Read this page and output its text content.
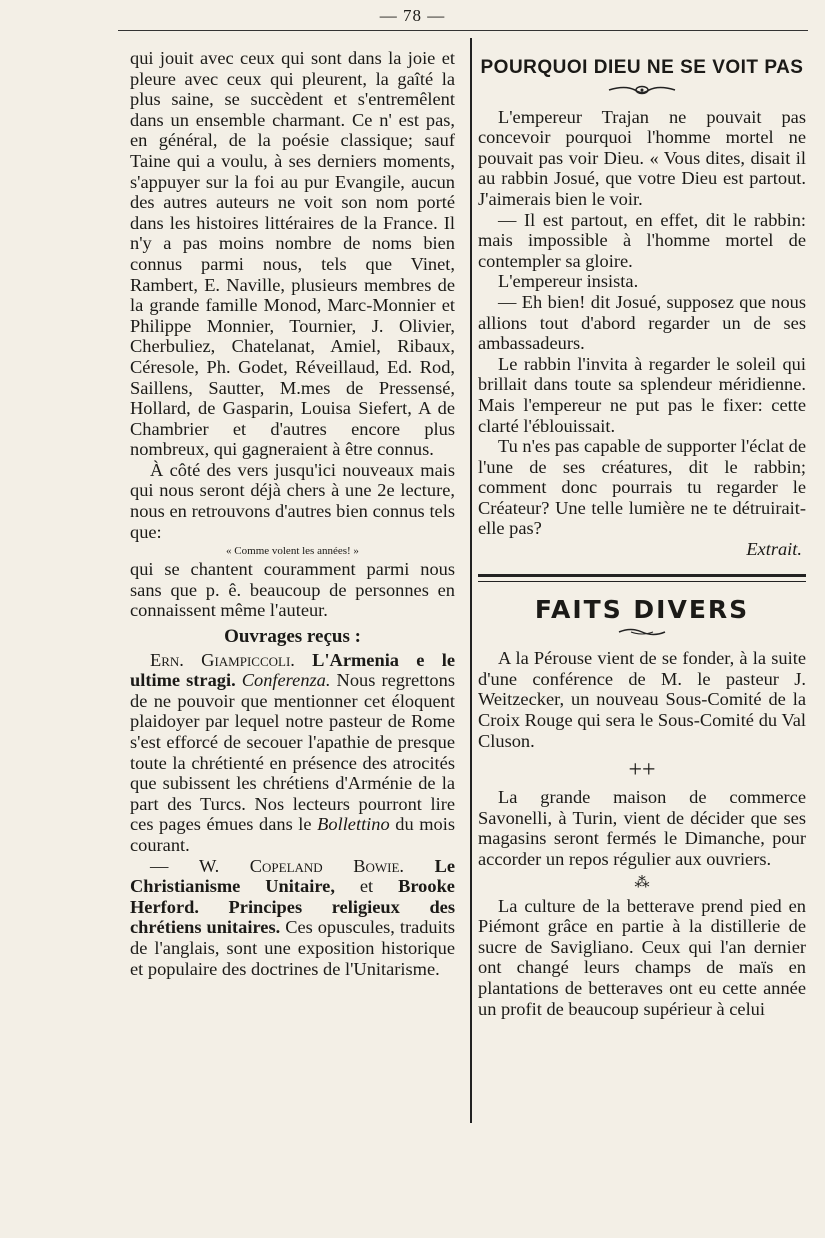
— 78 —

qui jouit avec ceux qui sont dans la joie et pleure avec ceux qui pleurent, la gaîté la plus saine, se succèdent et s'entremêlent dans un ensemble charmant. Ce n' est pas, en général, de la poésie classique; sauf Taine qui a voulu, à ses derniers moments, s'appuyer sur la foi au pur Evangile, aucun des autres auteurs ne voit son nom porté dans les histoires littéraires de la France. Il n'y a pas moins nombre de noms bien connus parmi nous, tels que Vinet, Rambert, E. Naville, plusieurs membres de la grande famille Monod, Marc-Monnier et Philippe Monnier, Tournier, J. Olivier, Cherbuliez, Chatelanat, Amiel, Ribaux, Céresole, Ph. Godet, Réveillaud, Ed. Rod, Saillens, Sautter, M.mes de Pressensé, Hollard, de Gasparin, Louisa Siefert, A de Chambrier et d'autres encore plus nombreux, qui gagneraient à être connus.

À côté des vers jusqu'ici nouveaux mais qui nous seront déjà chers à une 2e lecture, nous en retrouvons d'autres bien connus tels que:

« Comme volent les années! »

qui se chantent couramment parmi nous sans que p. ê. beaucoup de personnes en connaissent même l'auteur.

Ouvrages reçus :

Ern. Giampiccoli. L'Armenia e le ultime stragi. Conferenza. Nous regrettons de ne pouvoir que mentionner cet éloquent plaidoyer par lequel notre pasteur de Rome s'est efforcé de secouer l'apathie de presque toute la chrétienté en présence des atrocités que subissent les chrétiens d'Arménie de la part des Turcs. Nos lecteurs pourront lire ces pages émues dans le Bollettino du mois courant.

— W. Copeland Bowie. Le Christianisme Unitaire, et Brooke Herford. Principes religieux des chrétiens unitaires. Ces opuscules, traduits de l'anglais, sont une exposition historique et populaire des doctrines de l'Unitarisme.

POURQUOI DIEU NE SE VOIT PAS

L'empereur Trajan ne pouvait pas concevoir pourquoi l'homme mortel ne pouvait pas voir Dieu. « Vous dites, disait il au rabbin Josué, que votre Dieu est partout. J'aimerais bien le voir.

— Il est partout, en effet, dit le rabbin: mais impossible à l'homme mortel de contempler sa gloire.

L'empereur insista.

— Eh bien! dit Josué, supposez que nous allions tout d'abord regarder un de ses ambassadeurs.

Le rabbin l'invita à regarder le soleil qui brillait dans toute sa splendeur méridienne. Mais l'empereur ne put pas le fixer: cette clarté l'éblouissait.

Tu n'es pas capable de supporter l'éclat de l'une de ses créatures, dit le rabbin; comment donc pourrais tu regarder le Créateur? Une telle lumière ne te détruirait-elle pas?

Extrait.
FAITS DIVERS

A la Pérouse vient de se fonder, à la suite d'une conférence de M. le pasteur J. Weitzecker, un nouveau Sous-Comité de la Croix Rouge qui sera le Sous-Comité du Val Cluson.

++

La grande maison de commerce Savonelli, à Turin, vient de décider que ses magasins seront fermés le Dimanche, pour accorder un repos régulier aux ouvriers.

⁂

La culture de la betterave prend pied en Piémont grâce en partie à la distillerie de sucre de Savigliano. Ceux qui l'an dernier ont changé leurs champs de maïs en plantations de betteraves ont eu cette année un profit de beaucoup supérieur à celui
